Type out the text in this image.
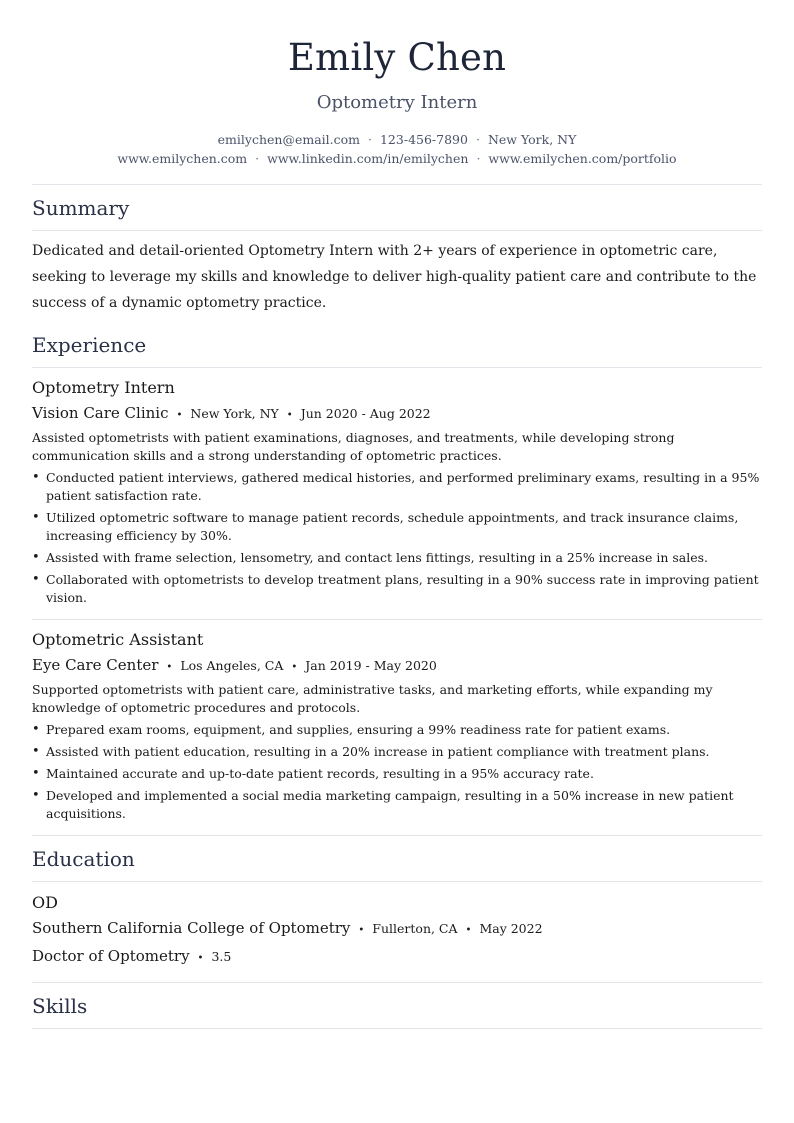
Emily Chen
Optometry Intern
emilychen@email.com · 123-456-7890 · New York, NY
www.emilychen.com · www.linkedin.com/in/emilychen · www.emilychen.com/portfolio
Summary
Dedicated and detail-oriented Optometry Intern with 2+ years of experience in optometric care, seeking to leverage my skills and knowledge to deliver high-quality patient care and contribute to the success of a dynamic optometry practice.
Experience
Optometry Intern
Vision Care Clinic • New York, NY • Jun 2020 - Aug 2022
Assisted optometrists with patient examinations, diagnoses, and treatments, while developing strong communication skills and a strong understanding of optometric practices.
• Conducted patient interviews, gathered medical histories, and performed preliminary exams, resulting in a 95% patient satisfaction rate.
• Utilized optometric software to manage patient records, schedule appointments, and track insurance claims, increasing efficiency by 30%.
• Assisted with frame selection, lensometry, and contact lens fittings, resulting in a 25% increase in sales.
• Collaborated with optometrists to develop treatment plans, resulting in a 90% success rate in improving patient vision.
Optometric Assistant
Eye Care Center • Los Angeles, CA • Jan 2019 - May 2020
Supported optometrists with patient care, administrative tasks, and marketing efforts, while expanding my knowledge of optometric procedures and protocols.
• Prepared exam rooms, equipment, and supplies, ensuring a 99% readiness rate for patient exams.
• Assisted with patient education, resulting in a 20% increase in patient compliance with treatment plans.
• Maintained accurate and up-to-date patient records, resulting in a 95% accuracy rate.
• Developed and implemented a social media marketing campaign, resulting in a 50% increase in new patient acquisitions.
Education
OD
Southern California College of Optometry • Fullerton, CA • May 2022
Doctor of Optometry • 3.5
Skills
